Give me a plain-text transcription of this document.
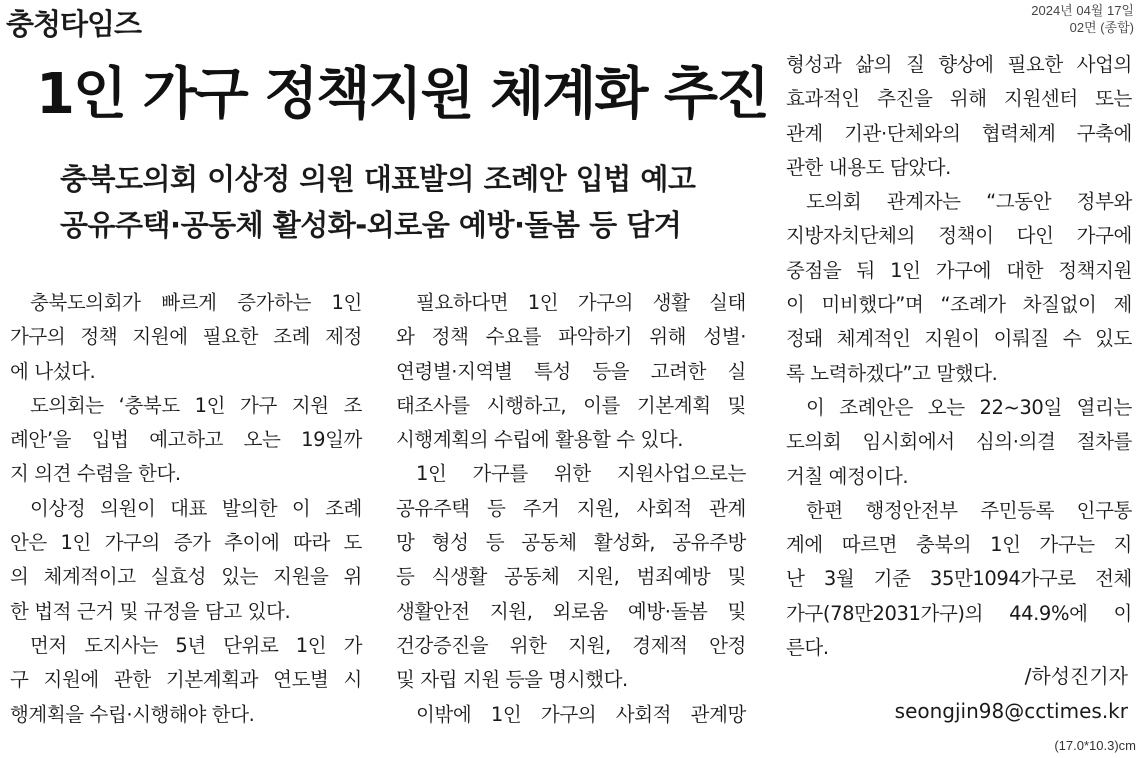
충청타임즈	2024년 04월 17일
02면 (종합)
1인 가구 정책지원 체계화 추진
충북도의회 이상정 의원 대표발의 조례안 입법 예고
공유주택·공동체 활성화-외로움 예방·돌봄 등 담겨
충북도의회가 빠르게 증가하는 1인
가구의 정책 지원에 필요한 조례 제정
에 나섰다.
도의회는 ‘충북도 1인 가구 지원 조
례안’을 입법 예고하고 오는 19일까
지 의견 수렴을 한다.
이상정 의원이 대표 발의한 이 조례
안은 1인 가구의 증가 추이에 따라 도
의 체계적이고 실효성 있는 지원을 위
한 법적 근거 및 규정을 담고 있다.
먼저 도지사는 5년 단위로 1인 가
구 지원에 관한 기본계획과 연도별 시
행계획을 수립·시행해야 한다.
필요하다면 1인 가구의 생활 실태
와 정책 수요를 파악하기 위해 성별·
연령별·지역별 특성 등을 고려한 실
태조사를 시행하고, 이를 기본계획 및
시행계획의 수립에 활용할 수 있다.
1인 가구를 위한 지원사업으로는
공유주택 등 주거 지원, 사회적 관계
망 형성 등 공동체 활성화, 공유주방
등 식생활 공동체 지원, 범죄예방 및
생활안전 지원, 외로움 예방·돌봄 및
건강증진을 위한 지원, 경제적 안정
및 자립 지원 등을 명시했다.
이밖에 1인 가구의 사회적 관계망
형성과 삶의 질 향상에 필요한 사업의
효과적인 추진을 위해 지원센터 또는
관계 기관·단체와의 협력체계 구축에
관한 내용도 담았다.
도의회 관계자는 “그동안 정부와
지방자치단체의 정책이 다인 가구에
중점을 둬 1인 가구에 대한 정책지원
이 미비했다”며 “조례가 차질없이 제
정돼 체계적인 지원이 이뤄질 수 있도
록 노력하겠다”고 말했다.
이 조례안은 오는 22~30일 열리는
도의회 임시회에서 심의·의결 절차를
거칠 예정이다.
한편 행정안전부 주민등록 인구통
계에 따르면 충북의 1인 가구는 지
난 3월 기준 35만1094가구로 전체
가구(78만2031가구)의 44.9%에 이
른다.
/하성진기자
seongjin98@cctimes.kr
(17.0*10.3)cm
